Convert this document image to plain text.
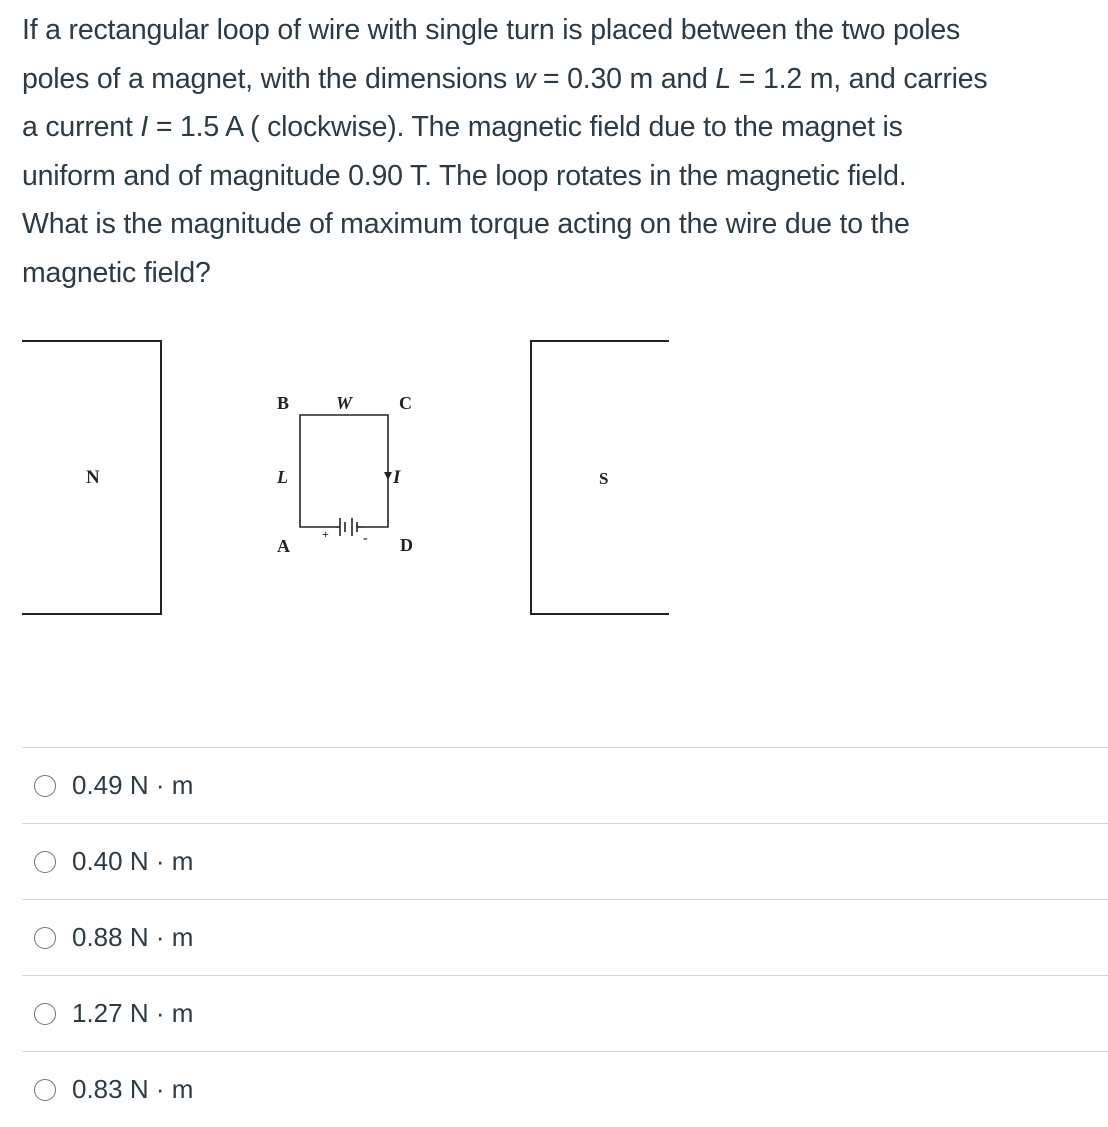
If a rectangular loop of wire with single turn is placed between the two poles
poles of a magnet, with the dimensions w = 0.30 m and L = 1.2 m, and carries
a current I = 1.5 A ( clockwise). The magnetic field due to the magnet is
uniform and of magnitude 0.90 T. The loop rotates in the magnetic field.
What is the magnitude of maximum torque acting on the wire due to the
magnetic field?
N	S
+ -
B	W	C
L
A	D
I
0.49 N · m
0.40 N · m
0.88 N · m
1.27 N · m
0.83 N · m
